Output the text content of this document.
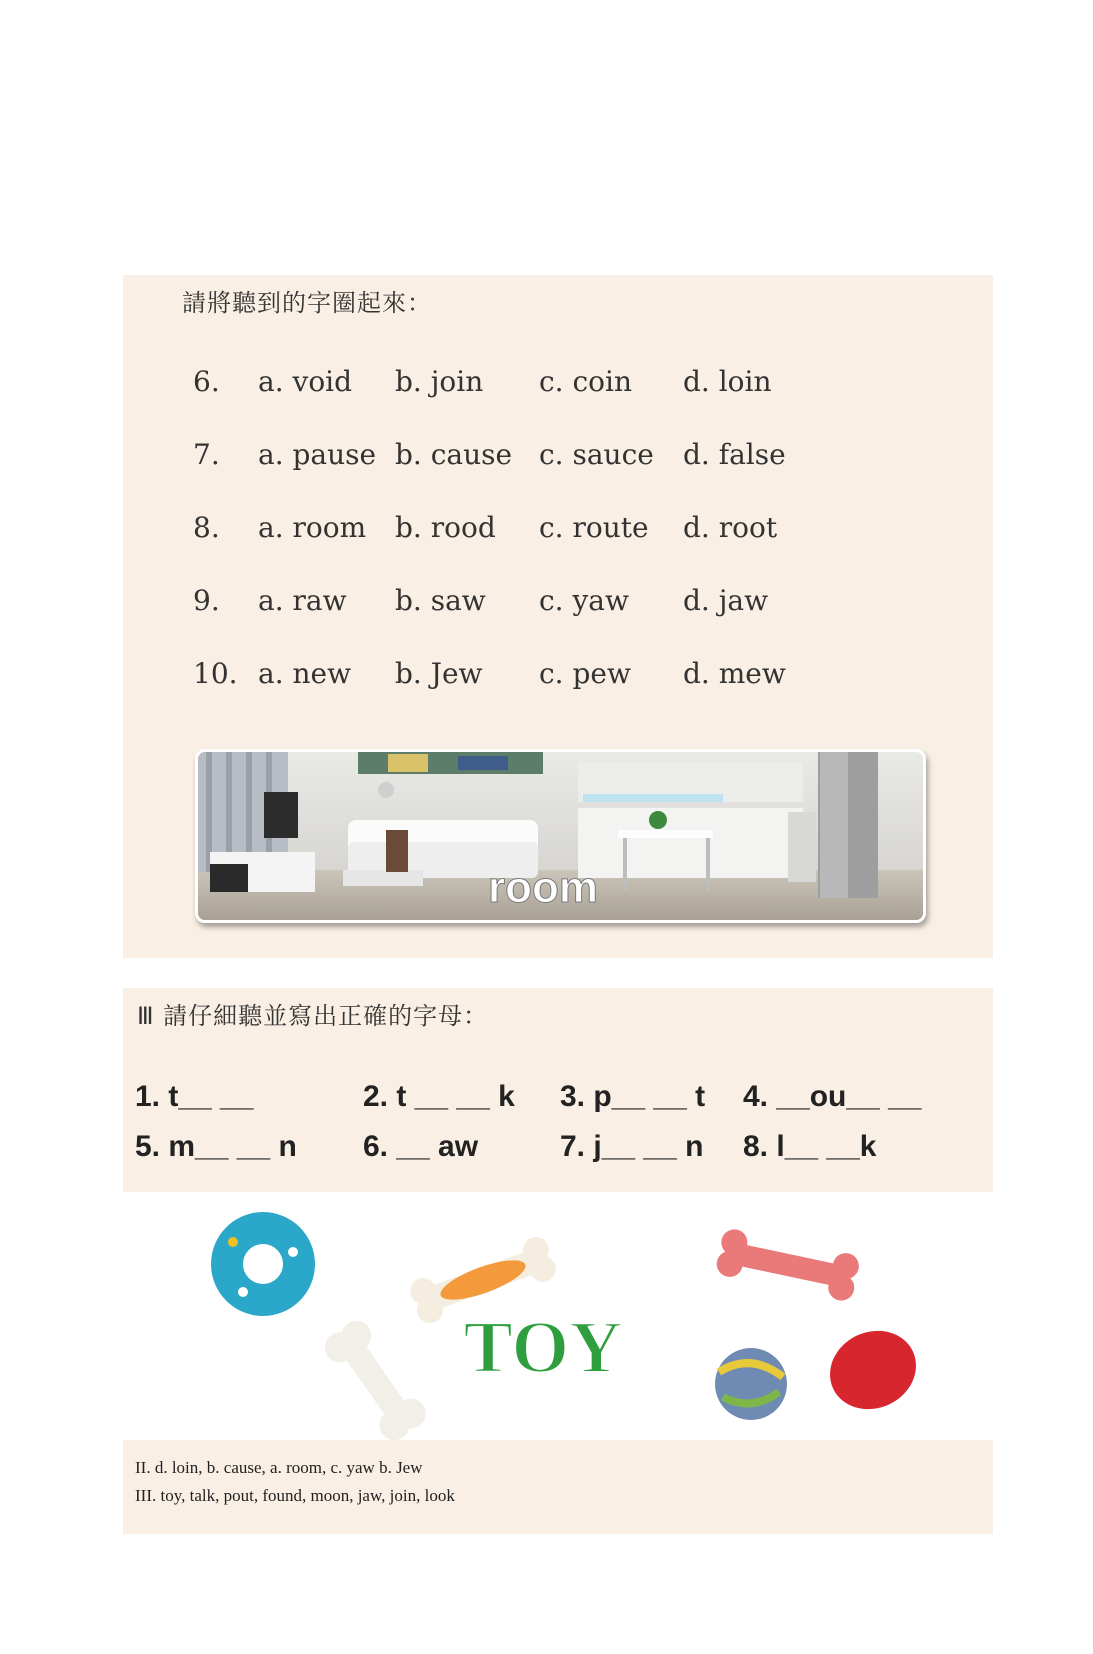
請將聽到的字圈起來：
6. a. void b. join c. coin d. loin
7. a. pause b. cause c. sauce d. false
8. a. room b. rood c. route d. root
9. a. raw b. saw c. yaw d. jaw
10. a. new b. Jew c. pew d. mew
room
Ⅲ 請仔細聽並寫出正確的字母：
1. t__ __	2. t __ __ k 3. p__ __ t 4. __ou__ __
5. m__ __ n 6. __ aw	7. j__ __ n 8. l__ __k
TOY
II. d. loin, b. cause, a. room, c. yaw b. Jew
III. toy, talk, pout, found, moon, jaw, join, look
